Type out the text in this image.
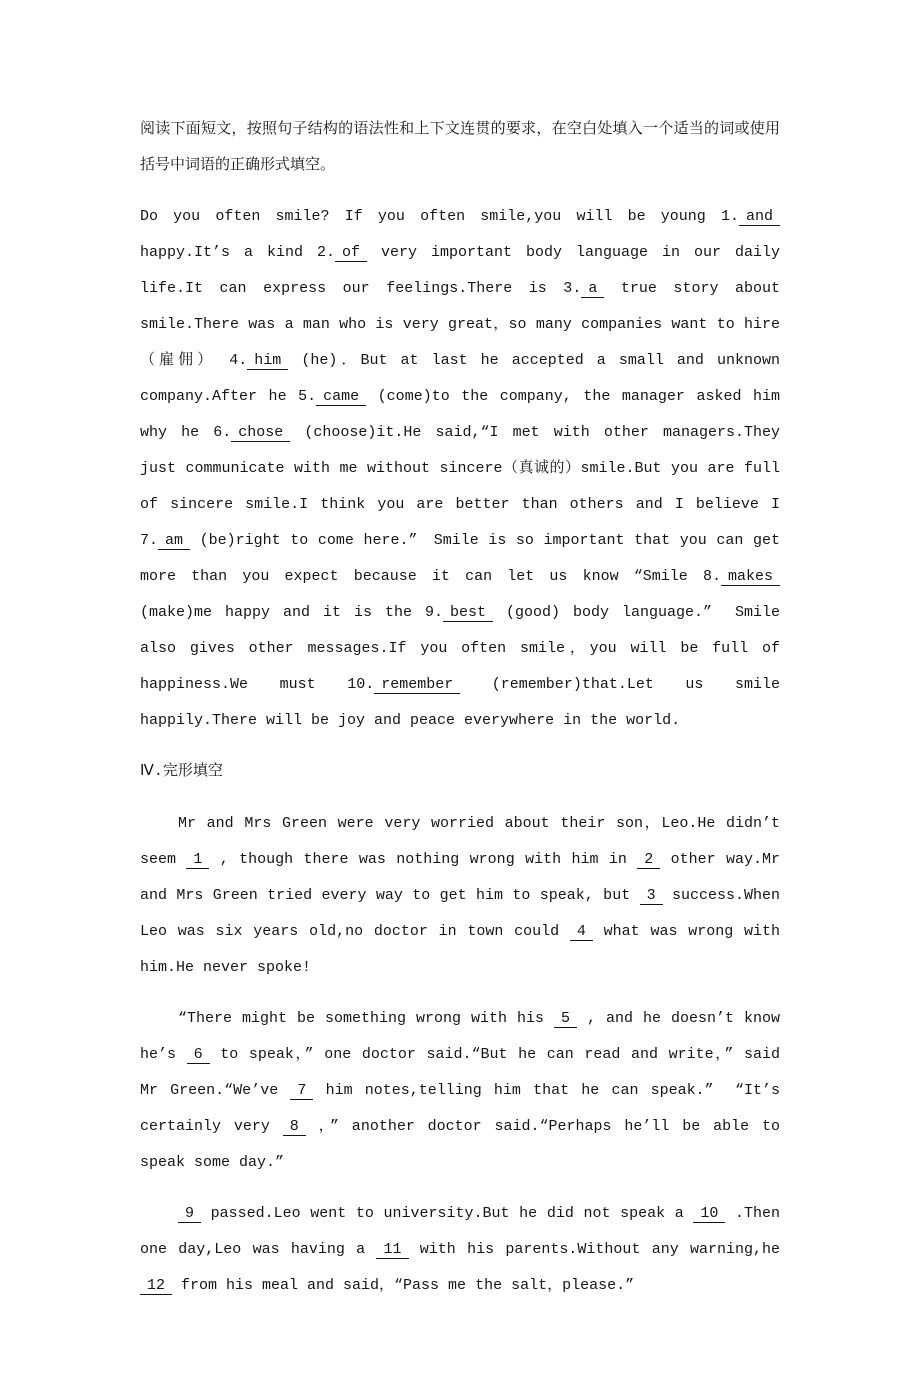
阅读下面短文，按照句子结构的语法性和上下文连贯的要求，在空白处填入一个适当的词或使用括号中词语的正确形式填空。

Do you often smile? If you often smile,you will be young 1. and happy.It’s a kind 2. of very important body language in our daily life.It can express our feelings.There is 3. a true story about smile.There was a man who is very great，so many companies want to hire （雇佣） 4. him (he)．But at last he accepted a small and unknown company.After he 5. came (come)to the company, the manager asked him why he 6. chose (choose)it.He said,“I met with other managers.They just communicate with me without sincere（真诚的）smile.But you are full of sincere smile.I think you are better than others and I believe I 7. am (be)right to come here.”　Smile is so important that you can get more than you expect because it can let us know “Smile 8. makes (make)me happy and it is the 9. best (good) body language.”　Smile also gives other messages.If you often smile，you will be full of happiness.We must 10. remember (remember)that.Let us smile happily.There will be joy and peace everywhere in the world.

Ⅳ.完形填空

Mr and Mrs Green were very worried about their son，Leo.He didn’t seem 1 , though there was nothing wrong with him in 2 other way.Mr and Mrs Green tried every way to get him to speak, but 3 success.When Leo was six years old,no doctor in town could 4 what was wrong with him.He never spoke!

“There might be something wrong with his 5 , and he doesn’t know he’s 6 to speak，” one doctor said.“But he can read and write，” said Mr Green.“We’ve 7 him notes,telling him that he can speak.”　“It’s certainly very 8 ，” another doctor said.“Perhaps he’ll be able to speak some day.”

9 passed.Leo went to university.But he did not speak a 10 .Then one day,Leo was having a 11 with his parents.Without any warning,he 12 from his meal and said，“Pass me the salt，please.”
